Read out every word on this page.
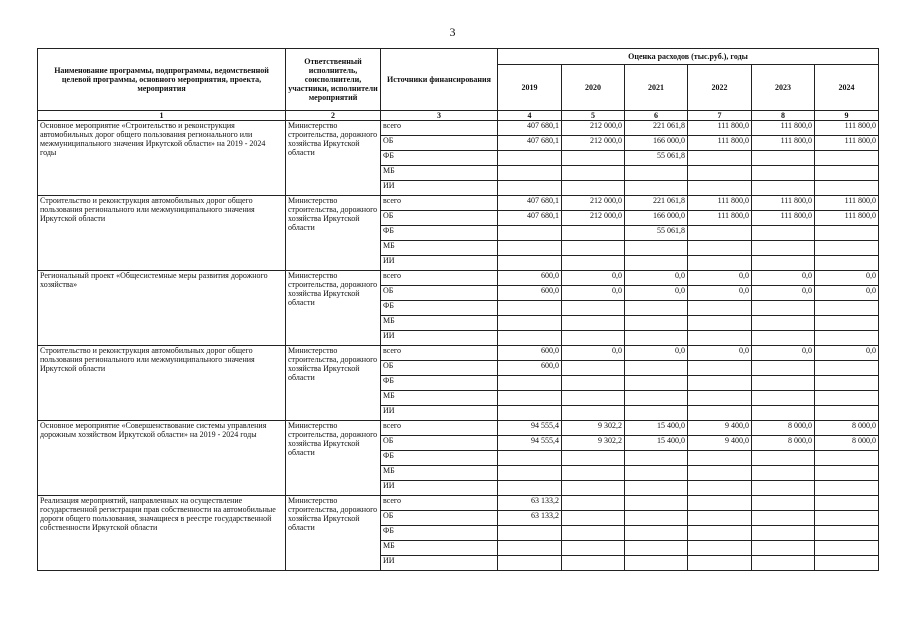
3
Наименование программы, подпрограммы, ведомственной целевой программы, основного мероприятия, проекта, мероприятия	Ответственный исполнитель, соисполнители, участники, исполнители мероприятий	Источники финансирования	Оценка расходов (тыс.руб.), годы					
			2019	2020	2021	2022	2023	2024
1	2	3	4	5	6	7	8	9
Основное мероприятие «Строительство и реконструкция автомобильных дорог общего пользования регионального или межмуниципального значения Иркутской области» на 2019 - 2024 годы	Министерство строительства, дорожного хозяйства Иркутской области	всего	407 680,1	212 000,0	221 061,8	111 800,0	111 800,0	111 800,0
		ОБ	407 680,1	212 000,0	166 000,0	111 800,0	111 800,0	111 800,0
		ФБ			55 061,8			
		МБ						
		ИИ						
Строительство и реконструкция автомобильных дорог общего пользования регионального или межмуниципального значения Иркутской области	Министерство строительства, дорожного хозяйства Иркутской области	всего	407 680,1	212 000,0	221 061,8	111 800,0	111 800,0	111 800,0
		ОБ	407 680,1	212 000,0	166 000,0	111 800,0	111 800,0	111 800,0
		ФБ			55 061,8			
		МБ						
		ИИ						
Региональный проект «Общесистемные меры развития дорожного хозяйства»	Министерство строительства, дорожного хозяйства Иркутской области	всего	600,0	0,0	0,0	0,0	0,0	0,0
		ОБ	600,0	0,0	0,0	0,0	0,0	0,0
		ФБ						
		МБ						
		ИИ						
Строительство и реконструкция автомобильных дорог общего пользования регионального или межмуниципального значения Иркутской области	Министерство строительства, дорожного хозяйства Иркутской области	всего	600,0	0,0	0,0	0,0	0,0	0,0
		ОБ	600,0					
		ФБ						
		МБ						
		ИИ						
Основное мероприятие «Совершенствование системы управления дорожным хозяйством Иркутской области» на 2019 - 2024 годы	Министерство строительства, дорожного хозяйства Иркутской области	всего	94 555,4	9 302,2	15 400,0	9 400,0	8 000,0	8 000,0
		ОБ	94 555,4	9 302,2	15 400,0	9 400,0	8 000,0	8 000,0
		ФБ						
		МБ						
		ИИ						
Реализация мероприятий, направленных на осуществление государственной регистрации прав собственности на автомобильные дороги общего пользования, значащиеся в реестре государственной собственности Иркутской области	Министерство строительства, дорожного хозяйства Иркутской области	всего	63 133,2					
		ОБ	63 133,2					
		ФБ						
		МБ						
		ИИ						
